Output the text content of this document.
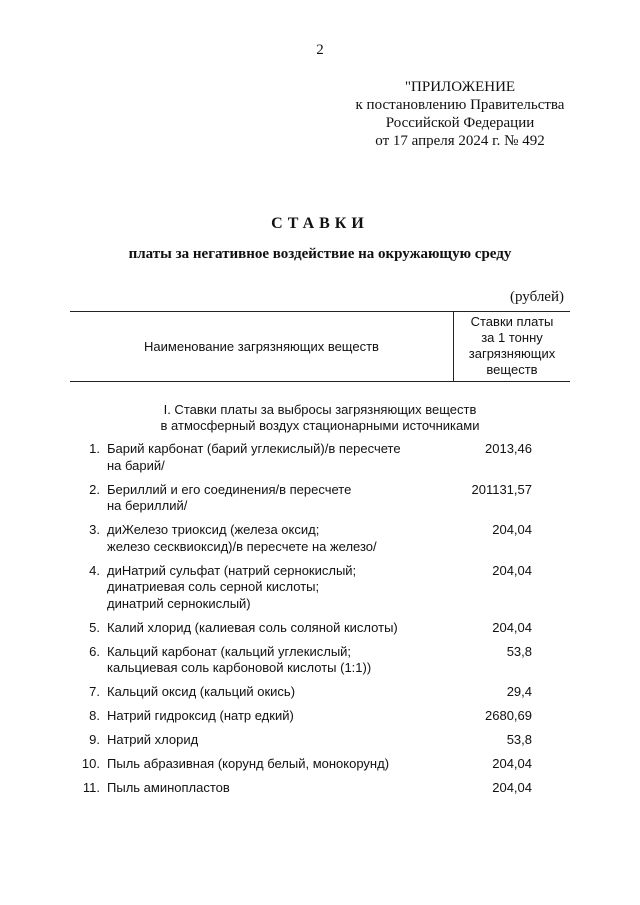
2
"ПРИЛОЖЕНИЕ
к постановлению Правительства
Российской Федерации
от 17 апреля 2024 г. № 492
СТАВКИ
платы за негативное воздействие на окружающую среду
(рублей)
Наименование загрязняющих веществ
Ставки платы
за 1 тонну
загрязняющих
веществ
I. Ставки платы за выбросы загрязняющих веществ
в атмосферный воздух стационарными источниками
1. Барий карбонат (барий углекислый)/в пересчете
на барий/
2013,46
2. Бериллий и его соединения/в пересчете
на бериллий/
201131,57
3. диЖелезо триоксид (железа оксид;
железо сесквиоксид)/в пересчете на железо/
204,04
4. диНатрий сульфат (натрий сернокислый;
динатриевая соль серной кислоты;
динатрий сернокислый)
204,04
5. Калий хлорид (калиевая соль соляной кислоты)	204,04
6. Кальций карбонат (кальций углекислый;
кальциевая соль карбоновой кислоты (1:1))
53,8
7. Кальций оксид (кальций окись)	29,4
8. Натрий гидроксид (натр едкий)	2680,69
9. Натрий хлорид	53,8
10. Пыль абразивная (корунд белый, монокорунд)	204,04
11. Пыль аминопластов	204,04
